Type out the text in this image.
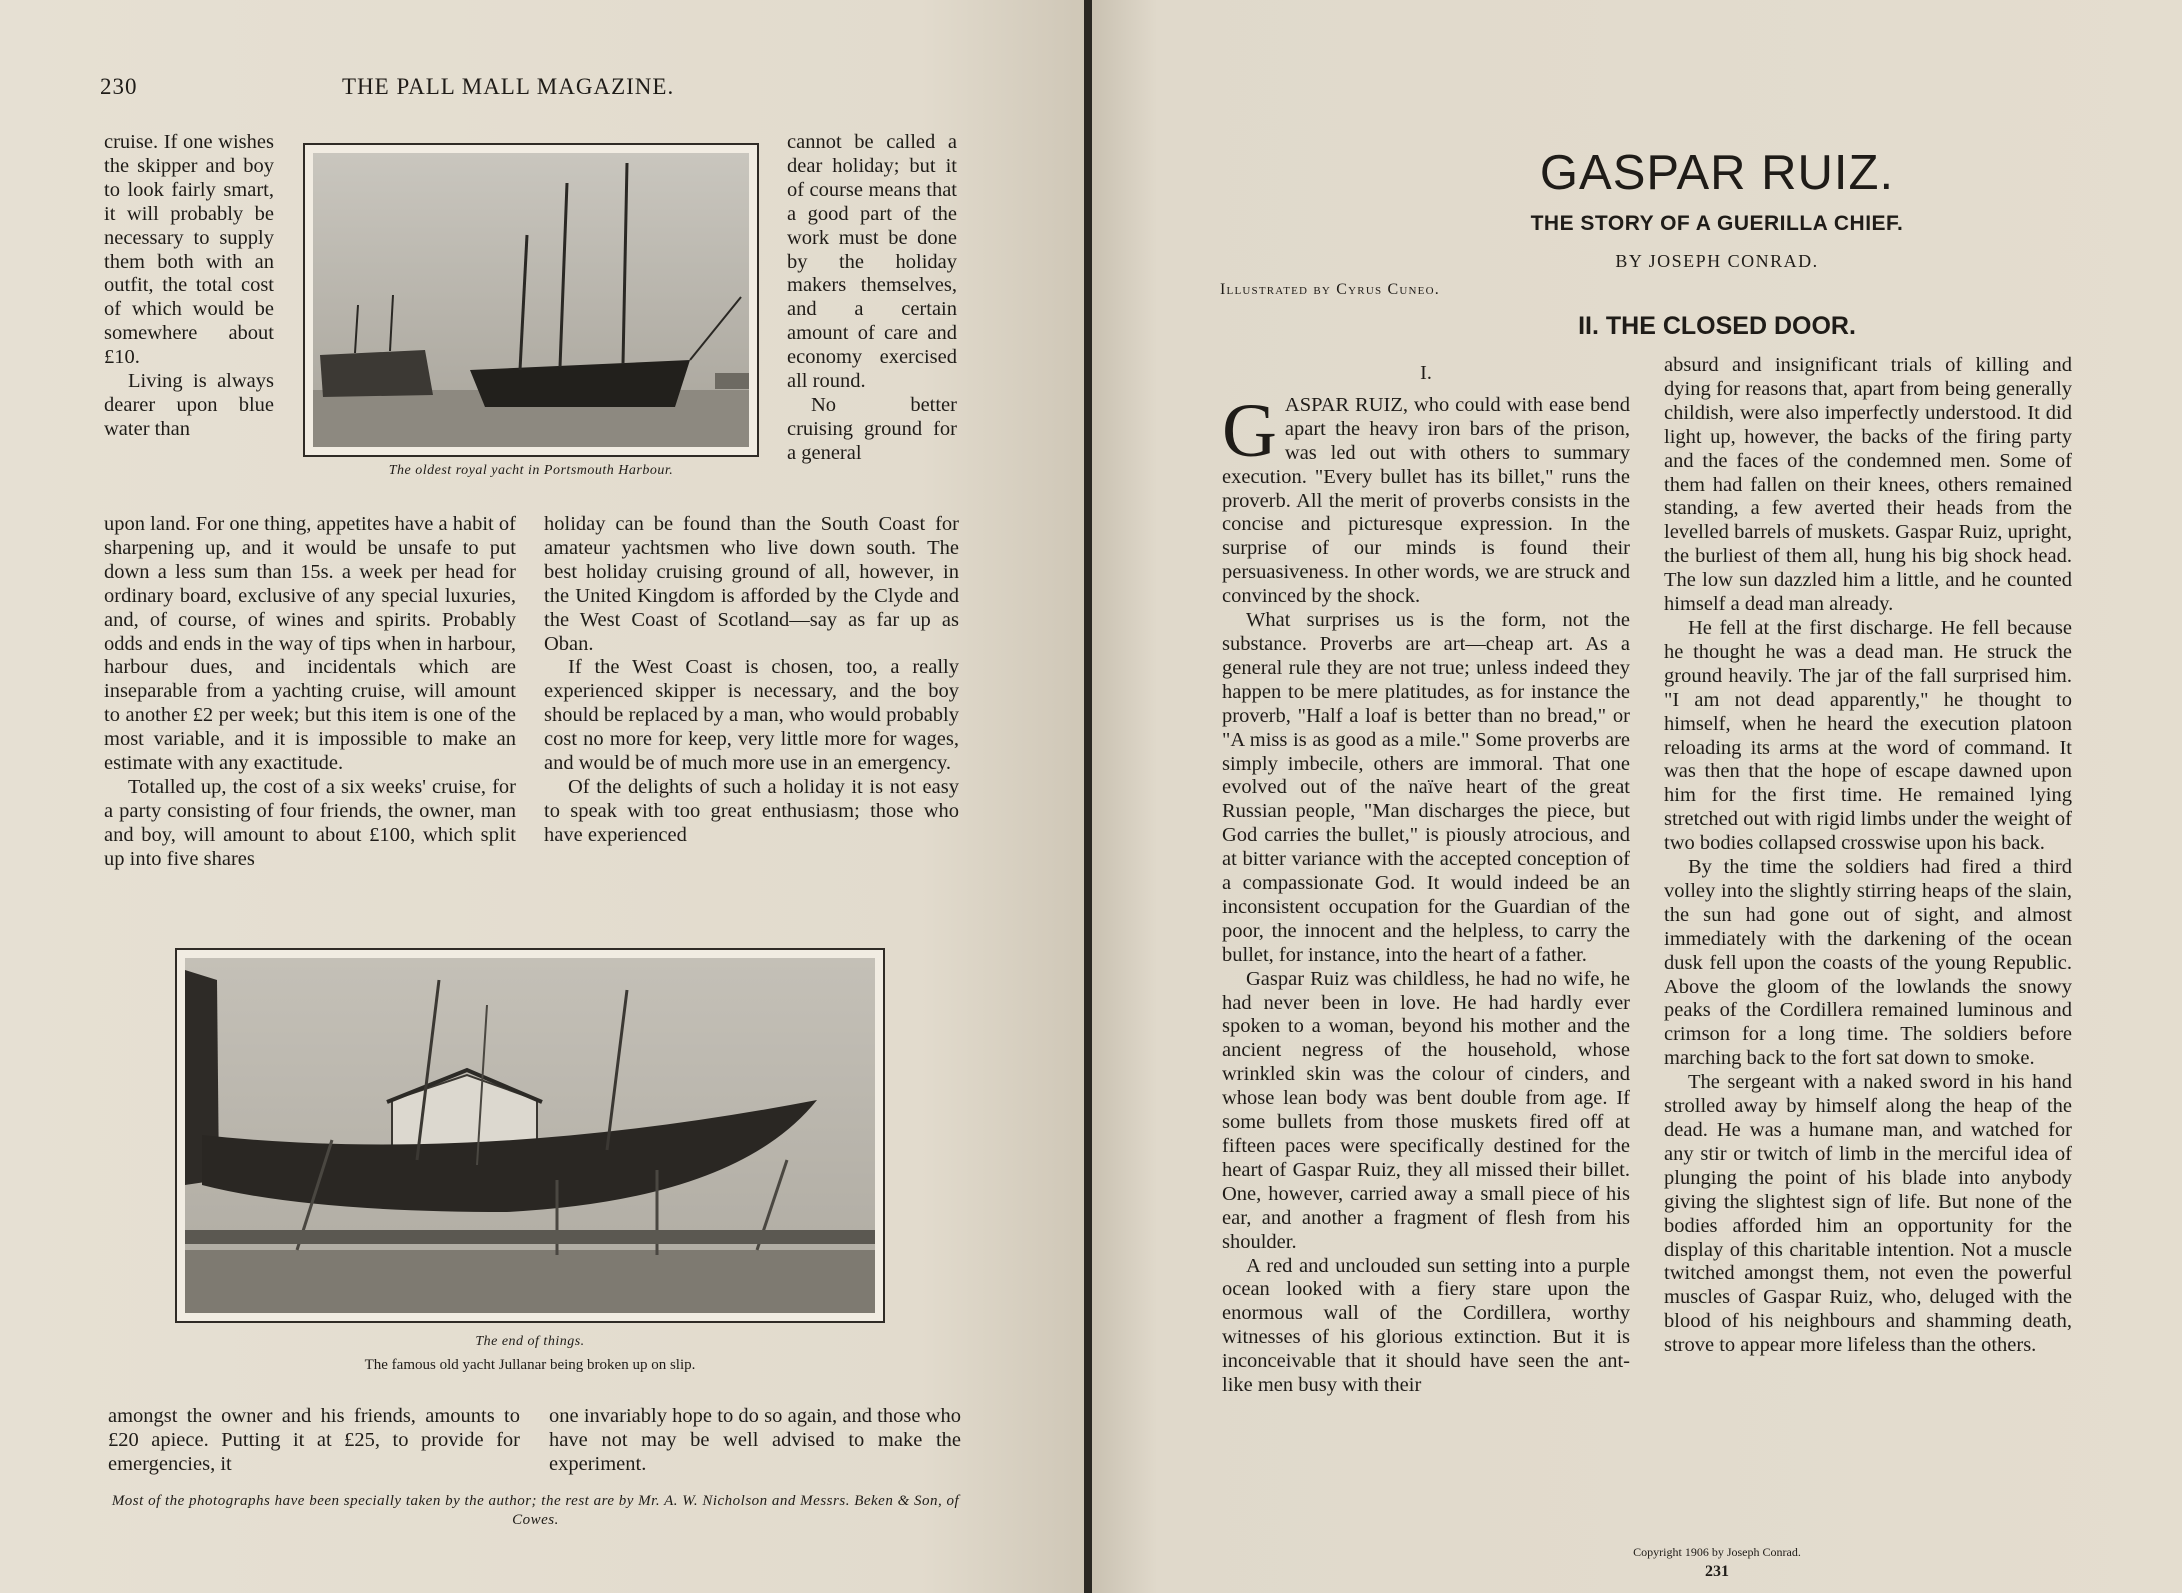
230	THE PALL MALL MAGAZINE.

cruise. If one wishes the skipper and boy to look fairly smart, it will probably be necessary to supply them both with an outfit, the total cost of which would be somewhere about £10.

Living is always dearer upon blue water than

The oldest royal yacht in Portsmouth Harbour.

cannot be called a dear holiday; but it of course means that a good part of the work must be done by the holiday makers themselves, and a certain amount of care and economy exercised all round.

No better cruising ground for a general

upon land. For one thing, appetites have a habit of sharpening up, and it would be unsafe to put down a less sum than 15s. a week per head for ordinary board, exclusive of any special luxuries, and, of course, of wines and spirits. Probably odds and ends in the way of tips when in harbour, harbour dues, and incidentals which are inseparable from a yachting cruise, will amount to another £2 per week; but this item is one of the most variable, and it is impossible to make an estimate with any exactitude.

Totalled up, the cost of a six weeks' cruise, for a party consisting of four friends, the owner, man and boy, will amount to about £100, which split up into five shares

holiday can be found than the South Coast for amateur yachtsmen who live down south. The best holiday cruising ground of all, however, in the United Kingdom is afforded by the Clyde and the West Coast of Scotland—say as far up as Oban.

If the West Coast is chosen, too, a really experienced skipper is necessary, and the boy should be replaced by a man, who would probably cost no more for keep, very little more for wages, and would be of much more use in an emergency.

Of the delights of such a holiday it is not easy to speak with too great enthusiasm; those who have experienced

The end of things.
The famous old yacht Jullanar being broken up on slip.

amongst the owner and his friends, amounts to £20 apiece. Putting it at £25, to provide for emergencies, it

one invariably hope to do so again, and those who have not may be well advised to make the experiment.

Most of the photographs have been specially taken by the author; the rest are by Mr. A. W. Nicholson and Messrs. Beken & Son, of Cowes.
GASPAR RUIZ.
THE STORY OF A GUERILLA CHIEF.
BY JOSEPH CONRAD.
Illustrated by Cyrus Cuneo.
II. THE CLOSED DOOR.
I.
G ASPAR RUIZ, who could with ease bend apart the heavy iron bars of the prison, was led out with others to summary execution. "Every bullet has its billet," runs the proverb. All the merit of proverbs consists in the concise and picturesque expression. In the surprise of our minds is found their persuasiveness. In other words, we are struck and convinced by the shock.

What surprises us is the form, not the substance. Proverbs are art—cheap art. As a general rule they are not true; unless indeed they happen to be mere platitudes, as for instance the proverb, "Half a loaf is better than no bread," or "A miss is as good as a mile." Some proverbs are simply imbecile, others are immoral. That one evolved out of the naïve heart of the great Russian people, "Man discharges the piece, but God carries the bullet," is piously atrocious, and at bitter variance with the accepted conception of a compassionate God. It would indeed be an inconsistent occupation for the Guardian of the poor, the innocent and the helpless, to carry the bullet, for instance, into the heart of a father.

Gaspar Ruiz was childless, he had no wife, he had never been in love. He had hardly ever spoken to a woman, beyond his mother and the ancient negress of the household, whose wrinkled skin was the colour of cinders, and whose lean body was bent double from age. If some bullets from those muskets fired off at fifteen paces were specifically destined for the heart of Gaspar Ruiz, they all missed their billet. One, however, carried away a small piece of his ear, and another a fragment of flesh from his shoulder.

A red and unclouded sun setting into a purple ocean looked with a fiery stare upon the enormous wall of the Cordillera, worthy witnesses of his glorious extinction. But it is inconceivable that it should have seen the ant-like men busy with their

absurd and insignificant trials of killing and dying for reasons that, apart from being generally childish, were also imperfectly understood. It did light up, however, the backs of the firing party and the faces of the condemned men. Some of them had fallen on their knees, others remained standing, a few averted their heads from the levelled barrels of muskets. Gaspar Ruiz, upright, the burliest of them all, hung his big shock head. The low sun dazzled him a little, and he counted himself a dead man already.

He fell at the first discharge. He fell because he thought he was a dead man. He struck the ground heavily. The jar of the fall surprised him. "I am not dead apparently," he thought to himself, when he heard the execution platoon reloading its arms at the word of command. It was then that the hope of escape dawned upon him for the first time. He remained lying stretched out with rigid limbs under the weight of two bodies collapsed crosswise upon his back.

By the time the soldiers had fired a third volley into the slightly stirring heaps of the slain, the sun had gone out of sight, and almost immediately with the darkening of the ocean dusk fell upon the coasts of the young Republic. Above the gloom of the lowlands the snowy peaks of the Cordillera remained luminous and crimson for a long time. The soldiers before marching back to the fort sat down to smoke.

The sergeant with a naked sword in his hand strolled away by himself along the heap of the dead. He was a humane man, and watched for any stir or twitch of limb in the merciful idea of plunging the point of his blade into anybody giving the slightest sign of life. But none of the bodies afforded him an opportunity for the display of this charitable intention. Not a muscle twitched amongst them, not even the powerful muscles of Gaspar Ruiz, who, deluged with the blood of his neighbours and shamming death, strove to appear more lifeless than the others.

Copyright 1906 by Joseph Conrad.
231
